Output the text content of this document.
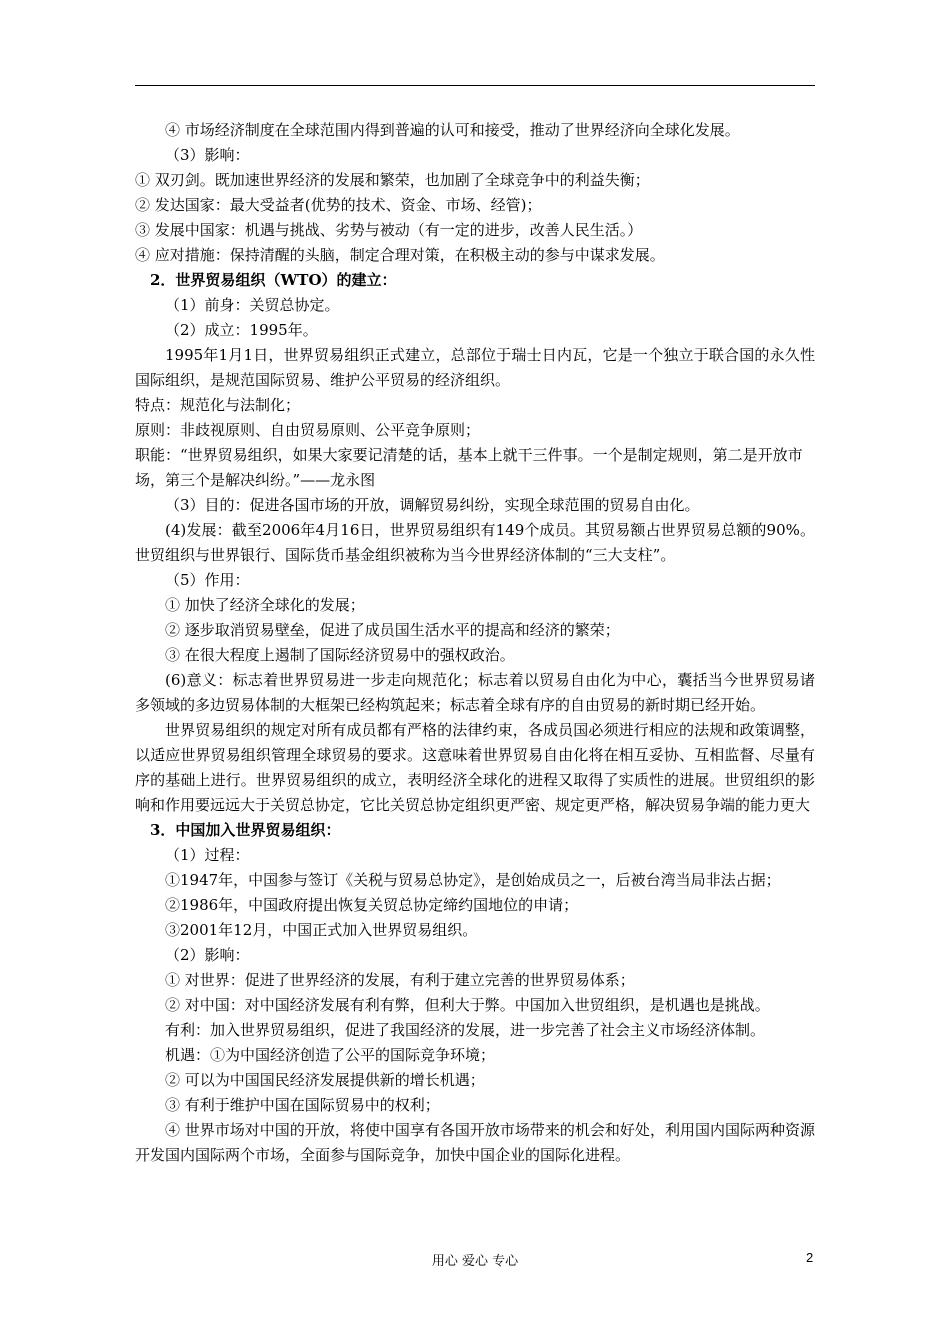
④ 市场经济制度在全球范围内得到普遍的认可和接受，推动了世界经济向全球化发展。
（3）影响：
① 双刃剑。既加速世界经济的发展和繁荣，也加剧了全球竞争中的利益失衡；
② 发达国家：最大受益者(优势的技术、资金、市场、经管)；
③ 发展中国家：机遇与挑战、劣势与被动（有一定的进步，改善人民生活。）
④ 应对措施：保持清醒的头脑，制定合理对策，在积极主动的参与中谋求发展。
2．世界贸易组织（WTO）的建立：
（1）前身：关贸总协定。
（2）成立：1995年。
1995年1月1日，世界贸易组织正式建立，总部位于瑞士日内瓦，它是一个独立于联合国的永久性国际组织，是规范国际贸易、维护公平贸易的经济组织。
特点：规范化与法制化；
原则：非歧视原则、自由贸易原则、公平竞争原则；
职能：“世界贸易组织，如果大家要记清楚的话，基本上就干三件事。一个是制定规则，第二是开放市场，第三个是解决纠纷。”——龙永图
（3）目的：促进各国市场的开放，调解贸易纠纷，实现全球范围的贸易自由化。
(4)发展：截至2006年4月16日，世界贸易组织有149个成员。其贸易额占世界贸易总额的90%。世贸组织与世界银行、国际货币基金组织被称为当今世界经济体制的“三大支柱”。
（5）作用：
① 加快了经济全球化的发展；
② 逐步取消贸易壁垒，促进了成员国生活水平的提高和经济的繁荣；
③ 在很大程度上遏制了国际经济贸易中的强权政治。
(6)意义：标志着世界贸易进一步走向规范化；标志着以贸易自由化为中心，囊括当今世界贸易诸多领域的多边贸易体制的大框架已经构筑起来；标志着全球有序的自由贸易的新时期已经开始。
世界贸易组织的规定对所有成员都有严格的法律约束，各成员国必须进行相应的法规和政策调整，以适应世界贸易组织管理全球贸易的要求。这意味着世界贸易自由化将在相互妥协、互相监督、尽量有序的基础上进行。世界贸易组织的成立，表明经济全球化的进程又取得了实质性的进展。世贸组织的影响和作用要远远大于关贸总协定，它比关贸总协定组织更严密、规定更严格，解决贸易争端的能力更大
3．中国加入世界贸易组织：
（1）过程：
①1947年，中国参与签订《关税与贸易总协定》，是创始成员之一，后被台湾当局非法占据；
②1986年，中国政府提出恢复关贸总协定缔约国地位的申请；
③2001年12月，中国正式加入世界贸易组织。
（2）影响：
① 对世界：促进了世界经济的发展，有利于建立完善的世界贸易体系；
② 对中国：对中国经济发展有利有弊，但利大于弊。中国加入世贸组织，是机遇也是挑战。
有利：加入世界贸易组织，促进了我国经济的发展，进一步完善了社会主义市场经济体制。
机遇：①为中国经济创造了公平的国际竞争环境；
② 可以为中国国民经济发展提供新的增长机遇；
③ 有利于维护中国在国际贸易中的权利；
④ 世界市场对中国的开放，将使中国享有各国开放市场带来的机会和好处，利用国内国际两种资源开发国内国际两个市场，全面参与国际竞争，加快中国企业的国际化进程。
用心 爱心 专心	2
